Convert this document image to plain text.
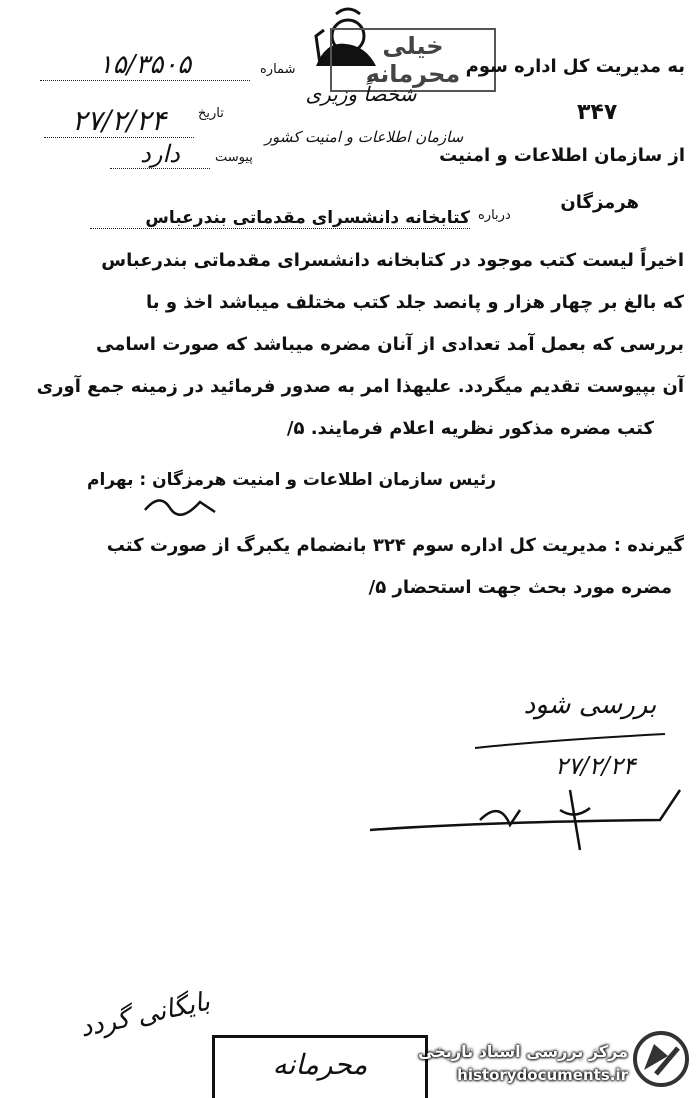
خیلی محرمانه
شخصاً وزیری
سازمان اطلاعات و امنیت کشور
به مدیریت کل اداره سوم
۳۴۷
از سازمان اطلاعات و امنیت
هرمزگان
شماره
۱۵/۳۵۰۵
تاریخ
۲۷/۲/۲۴
پیوست
دارد
درباره
کتابخانه دانشسرای مقدماتی بندرعباس
اخیراً لیست کتب موجود در کتابخانه دانشسرای مقدماتی بندرعباس
که بالغ بر چهار هزار و پانصد جلد کتب مختلف میباشد اخذ و با
بررسی که بعمل آمد تعدادی از آنان مضره میباشد که صورت اسامی
آن بپیوست تقدیم میگردد. علیهذا امر به صدور فرمائید در زمینه جمع آوری
کتب مضره مذکور نظریه اعلام فرمایند. ۵/
رئیس سازمان اطلاعات و امنیت هرمزگان : بهرام
گیرنده : مدیریت کل اداره سوم ۳۲۴ بانضمام یکبرگ از صورت کتب
مضره مورد بحث جهت استحضار ۵/
بررسی شود
۲۷/۲/۲۴
بایگانی گردد
محرمانه	مرکز بررسی اسناد تاریخی
historydocuments.ir
